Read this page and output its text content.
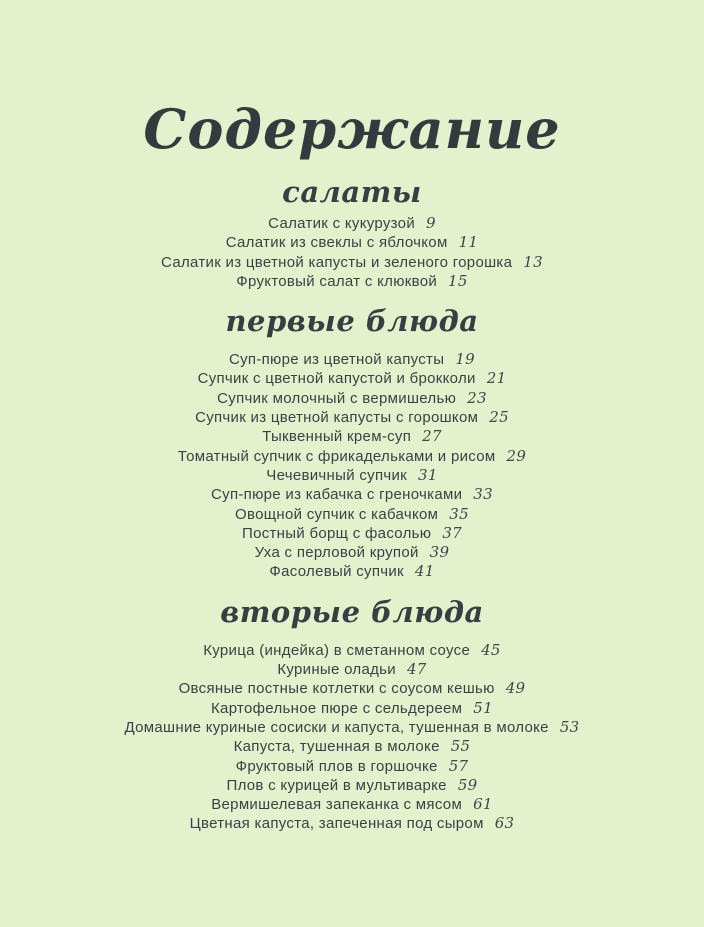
Содержание
салаты
Салатик с кукурузой 9
Салатик из свеклы с яблочком 11
Салатик из цветной капусты и зеленого горошка 13
Фруктовый салат с клюквой 15
первые блюда
Суп-пюре из цветной капусты 19
Супчик с цветной капустой и брокколи 21
Супчик молочный с вермишелью 23
Супчик из цветной капусты с горошком 25
Тыквенный крем-суп 27
Томатный супчик с фрикадельками и рисом 29
Чечевичный супчик 31
Суп-пюре из кабачка с греночками 33
Овощной супчик с кабачком 35
Постный борщ с фасолью 37
Уха с перловой крупой 39
Фасолевый супчик 41
вторые блюда
Курица (индейка) в сметанном соусе 45
Куриные оладьи 47
Овсяные постные котлетки с соусом кешью 49
Картофельное пюре с сельдереем 51
Домашние куриные сосиски и капуста, тушенная в молоке 53
Капуста, тушенная в молоке 55
Фруктовый плов в горшочке 57
Плов с курицей в мультиварке 59
Вермишелевая запеканка с мясом 61
Цветная капуста, запеченная под сыром 63
